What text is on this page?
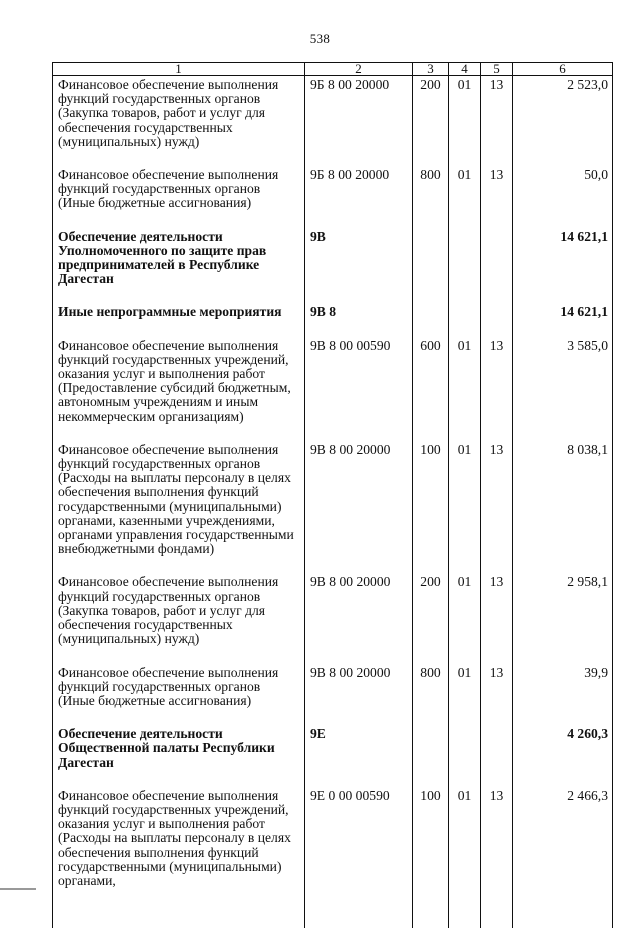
538
1	2	3	4	5	6
Финансовое обеспечение выполнения функций государственных органов (Закупка товаров, работ и услуг для обеспечения государственных (муниципальных) нужд)	9Б 8 00 20000	200	01	13	2 523,0
Финансовое обеспечение выполнения функций государственных органов (Иные бюджетные ассигнования)	9Б 8 00 20000	800	01	13	50,0
Обеспечение деятельности Уполномоченного по защите прав предпринимателей в Республике Дагестан	9В				14 621,1
Иные непрограммные мероприятия	9В 8				14 621,1
Финансовое обеспечение выполнения функций государственных учреждений, оказания услуг и выполнения работ (Предоставление субсидий бюджетным, автономным учреждениям и иным некоммерческим организациям)	9В 8 00 00590	600	01	13	3 585,0
Финансовое обеспечение выполнения функций государственных органов (Расходы на выплаты персоналу в целях обеспечения выполнения функций государственными (муниципальными) органами, казенными учреждениями, органами управления государственными внебюджетными фондами)	9В 8 00 20000	100	01	13	8 038,1
Финансовое обеспечение выполнения функций государственных органов (Закупка товаров, работ и услуг для обеспечения государственных (муниципальных) нужд)	9В 8 00 20000	200	01	13	2 958,1
Финансовое обеспечение выполнения функций государственных органов (Иные бюджетные ассигнования)	9В 8 00 20000	800	01	13	39,9
Обеспечение деятельности Общественной палаты Республики Дагестан	9Е				4 260,3
Финансовое обеспечение выполнения функций государственных учреждений, оказания услуг и выполнения работ (Расходы на выплаты персоналу в целях обеспечения выполнения функций государственными (муниципальными) органами,	9Е 0 00 00590	100	01	13	2 466,3
